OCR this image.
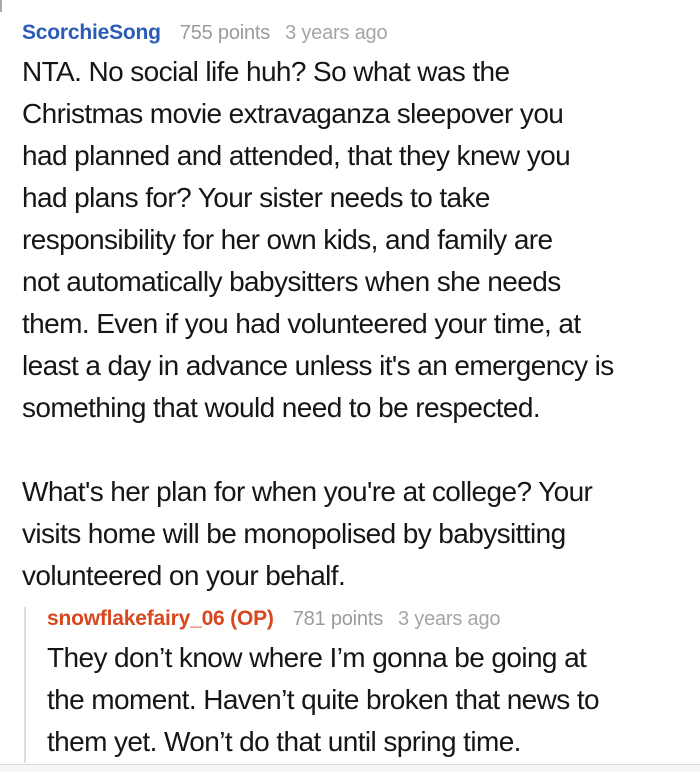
ScorchieSong 755 points 3 years ago
NTA. No social life huh? So what was the
Christmas movie extravaganza sleepover you
had planned and attended, that they knew you
had plans for? Your sister needs to take
responsibility for her own kids, and family are
not automatically babysitters when she needs
them. Even if you had volunteered your time, at
least a day in advance unless it's an emergency is
something that would need to be respected.
What's her plan for when you're at college? Your
visits home will be monopolised by babysitting
volunteered on your behalf.
snowflakefairy_06 (OP) 781 points 3 years ago
They don’t know where I’m gonna be going at
the moment. Haven’t quite broken that news to
them yet. Won’t do that until spring time.
